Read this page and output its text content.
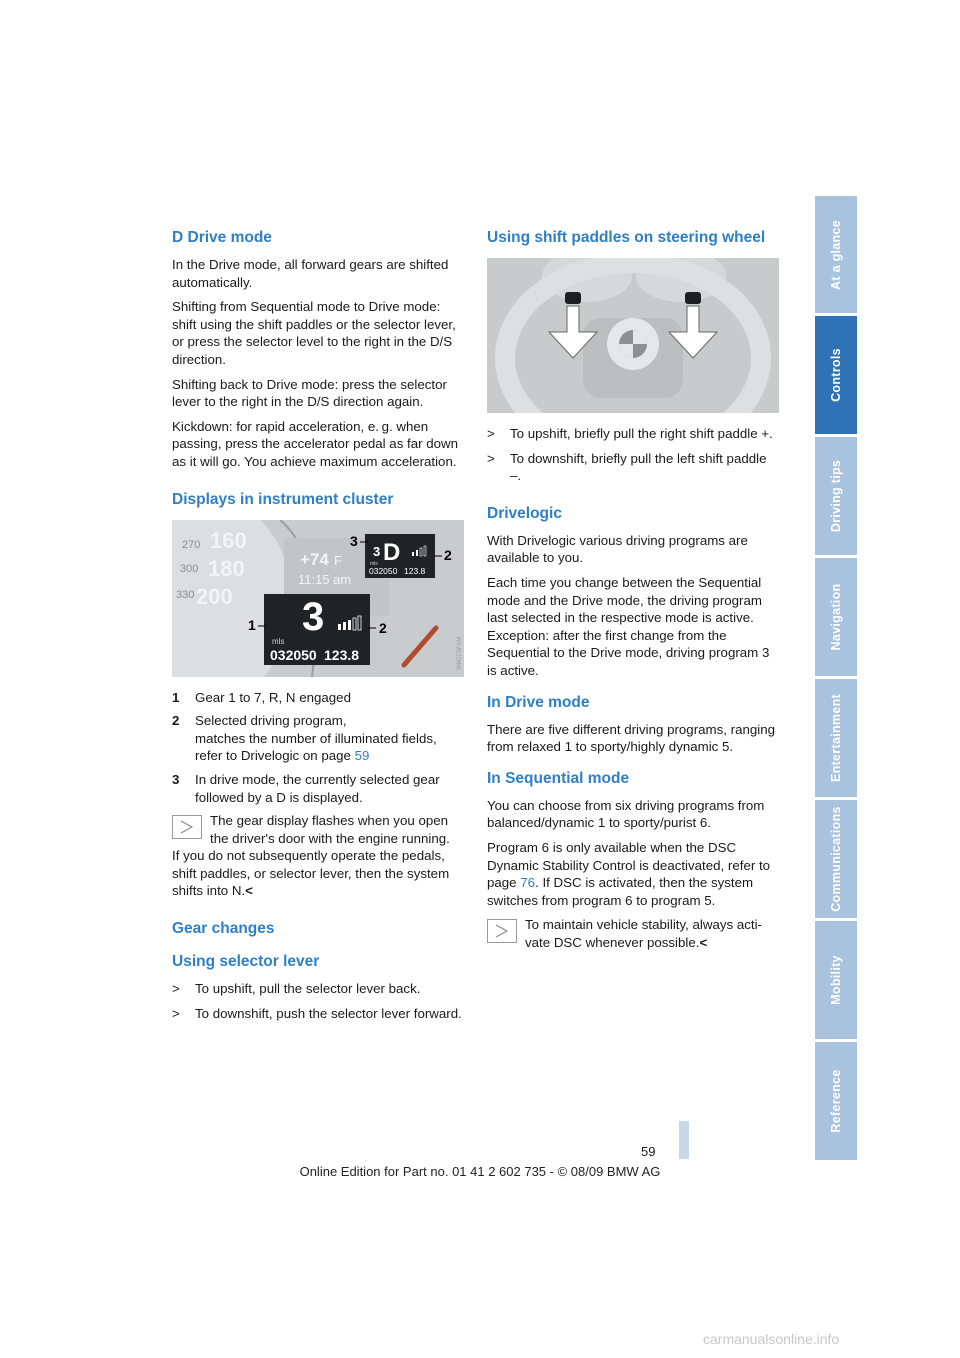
D Drive mode

In the Drive mode, all forward gears are shifted automatically.

Shifting from Sequential mode to Drive mode: shift using the shift paddles or the selector lever, or press the selector level to the right in the D/S direction.

Shifting back to Drive mode: press the selector lever to the right in the D/S direction again.

Kickdown: for rapid acceleration, e. g. when passing, press the accelerator pedal as far down as it will go. You achieve maximum acceleration.

Displays in instrument cluster
270 160
300 180
330 200
+74 F
11:15 am
3
mls
032050 123.8
3 D
mls
032050 123.8
1	2
3
2
W6CC5FAM
1 Gear 1 to 7, R, N engaged
2 Selected driving program,
matches the number of illuminated fields, refer to Drivelogic on page 59
3 In drive mode, the currently selected gear followed by a D is displayed.
The gear display flashes when you open the driver's door with the engine running.
If you do not subsequently operate the pedals, shift paddles, or selector lever, then the system shifts into N.<
Gear changes
Using selector lever
> To upshift, pull the selector lever back.
> To downshift, push the selector lever forward.
Using shift paddles on steering wheel
> To upshift, briefly pull the right shift paddle +.
> To downshift, briefly pull the left shift paddle –.
Drivelogic

With Drivelogic various driving programs are available to you.

Each time you change between the Sequential mode and the Drive mode, the driving program last selected in the respective mode is active. Exception: after the first change from the Sequential to the Drive mode, driving program 3 is active.

In Drive mode

There are five different driving programs, ranging from relaxed 1 to sporty/highly dynamic 5.

In Sequential mode

You can choose from six driving programs from balanced/dynamic 1 to sporty/purist 6.

Program 6 is only available when the DSC Dynamic Stability Control is deactivated, refer to page 76. If DSC is activated, then the system switches from program 6 to program 5.

To maintain vehicle stability, always activate DSC whenever possible.<
At a glance
Controls
Driving tips
Navigation
Entertainment
Communications
Mobility
Reference
59
Online Edition for Part no. 01 41 2 602 735 - © 08/09 BMW AG
carmanualsonline.info
